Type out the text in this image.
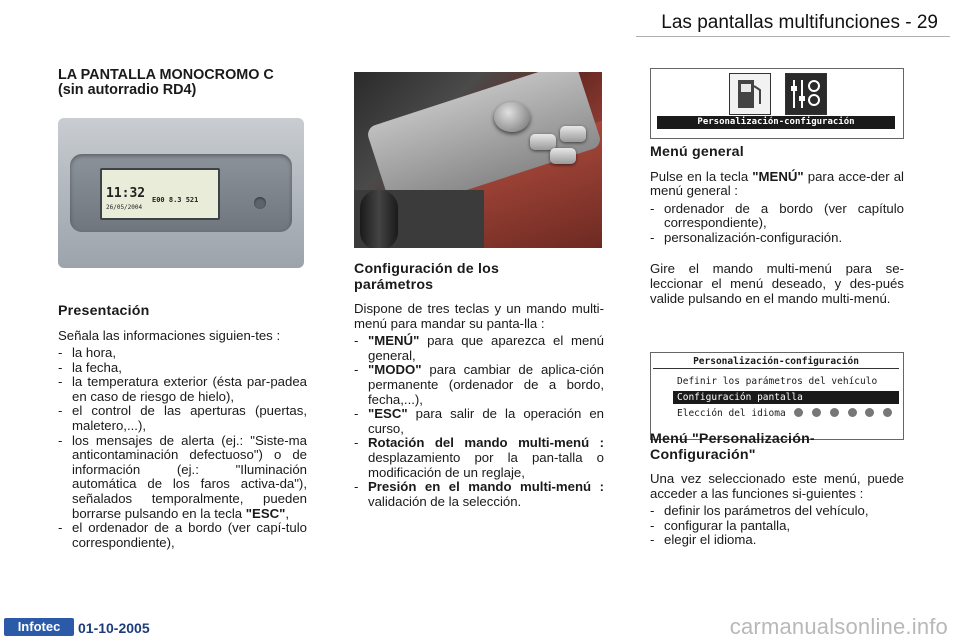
Las pantallas multifunciones - 29

LA PANTALLA MONOCROMO C

(sin autorradio RD4)

11:32
26/05/2004
E00 8.3 521

Presentación

Señala las informaciones siguien-tes :

- la hora,
- la fecha,
- la temperatura exterior (ésta par-padea en caso de riesgo de hielo),
- el control de las aperturas (puertas, maletero,...),
- los mensajes de alerta (ej.: "Siste-ma anticontaminación defectuoso") o de información (ej.: "Iluminación automática de los faros activa-da"), señalados temporalmente, pueden borrarse pulsando en la tecla "ESC",
- el ordenador de a bordo (ver capí-tulo correspondiente),

Configuración de los parámetros

Dispone de tres teclas y un mando multi-menú para mandar su panta-lla :

- "MENÚ" para que aparezca el menú general,
- "MODO" para cambiar de aplica-ción permanente (ordenador de a bordo, fecha,...),
- "ESC" para salir de la operación en curso,
- Rotación del mando multi-menú : desplazamiento por la pan-talla o modificación de un reglaje,
- Presión en el mando multi-menú : validación de la selección.
Personalización-configuración

Menú general

Pulse en la tecla "MENÚ" para acce-der al menú general :

- ordenador de a bordo (ver capítulo correspondiente),
- personalización-configuración.

Gire el mando multi-menú para se-leccionar el menú deseado, y des-pués valide pulsando en el mando multi-menú.

Personalización-configuración
Definir los parámetros del vehículo
Configuración pantalla
Elección del idioma

Menú "Personalización-Configuración"

Una vez seleccionado este menú, puede acceder a las funciones si-guientes :

- definir los parámetros del vehículo,
- configurar la pantalla,
- elegir el idioma.
Infotec	01-10-2005	carmanualsonline.info
